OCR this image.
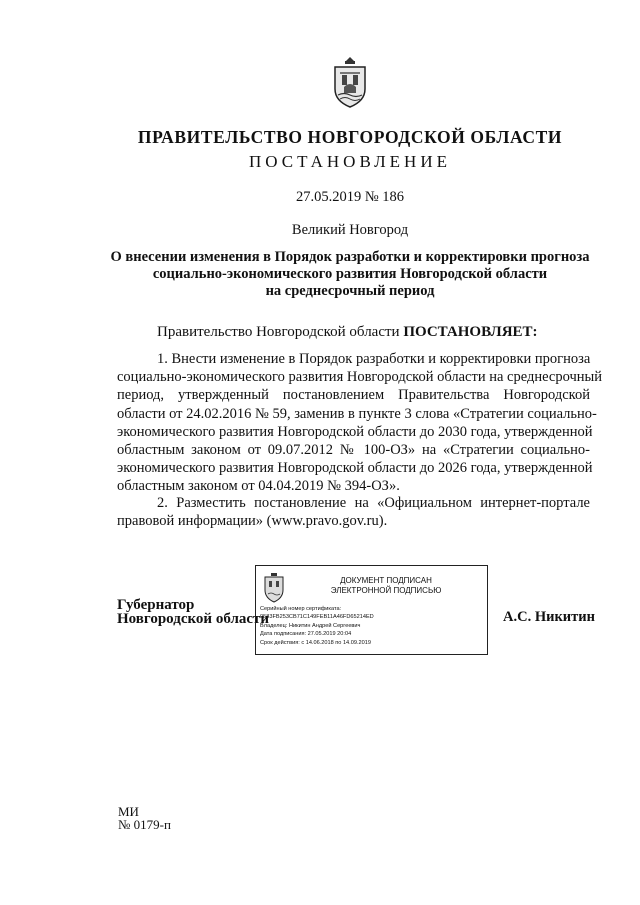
ПРАВИТЕЛЬСТВО НОВГОРОДСКОЙ ОБЛАСТИ
ПОСТАНОВЛЕНИЕ
27.05.2019 № 186
Великий Новгород
О внесении изменения в Порядок разработки и корректировки прогноза
социально-экономического развития Новгородской области
на среднесрочный период
Правительство Новгородской области ПОСТАНОВЛЯЕТ:
1. Внести изменение в Порядок разработки и корректировки прогноза
социально-экономического развития Новгородской области на среднесрочный
период, утвержденный постановлением Правительства Новгородской
области от 24.02.2016 № 59, заменив в пункте 3 слова «Стратегии социально-
экономического развития Новгородской области до 2030 года, утвержденной
областным законом от 09.07.2012 № 100-ОЗ» на «Стратегии социально-
экономического развития Новгородской области до 2026 года, утвержденной
областным законом от 04.04.2019 № 394-ОЗ».
2. Разместить постановление на «Официальном интернет-портале
правовой информации» (www.pravo.gov.ru).
Губернатор
Новгородской области
ДОКУМЕНТ ПОДПИСАН
ЭЛЕКТРОННОЙ ПОДПИСЬЮ
Серийный номер сертификата:
0583FB253CB71C149FEB11A46FD65214ED
Владелец: Никитин Андрей Сергеевич
Дата подписания: 27.05.2019 20:04
Срок действия: с 14.06.2018 по 14.09.2019
А.С. Никитин
МИ
№ 0179-п
